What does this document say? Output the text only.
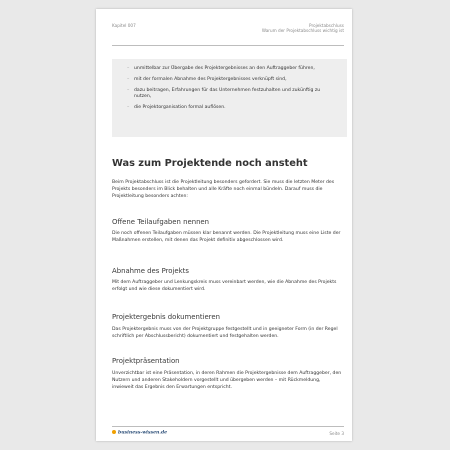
Kapitel 007	Projektabschluss
Warum der Projektabschluss wichtig ist
– unmittelbar zur Übergabe des Projektergebnisses an den Auftraggeber führen,
– mit der formalen Abnahme des Projektergebnisses verknüpft sind,
– dazu beitragen, Erfahrungen für das Unternehmen festzuhalten und zukünftig zu nutzen,
– die Projektorganisation formal auflösen.
Was zum Projektende noch ansteht
Beim Projektabschluss ist die Projektleitung besonders gefordert. Sie muss die letzten Meter des Projekts besonders im Blick behalten und alle Kräfte noch einmal bündeln. Darauf muss die Projektleitung besonders achten:
Offene Teilaufgaben nennen
Die noch offenen Teilaufgaben müssen klar benannt werden. Die Projektleitung muss eine Liste der Maßnahmen erstellen, mit denen das Projekt definitiv abgeschlossen wird.
Abnahme des Projekts
Mit dem Auftraggeber und Lenkungskreis muss vereinbart werden, wie die Abnahme des Projekts erfolgt und wie diese dokumentiert wird.
Projektergebnis dokumentieren
Das Projektergebnis muss von der Projektgruppe festgestellt und in geeigneter Form (in der Regel schriftlich per Abschlussbericht) dokumentiert und festgehalten werden.
Projektpräsentation
Unverzichtbar ist eine Präsentation, in deren Rahmen die Projektergebnisse dem Auftraggeber, den Nutzern und anderen Stakeholdern vorgestellt und übergeben werden – mit Rückmeldung, inwieweit das Ergebnis den Erwartungen entspricht.
business-wissen.de	Seite 3
